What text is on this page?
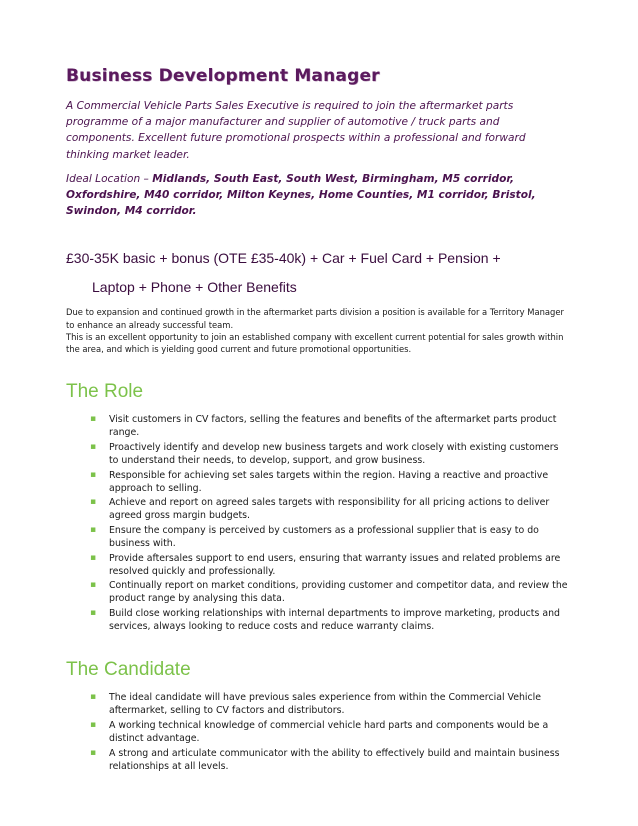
Business Development Manager

A Commercial Vehicle Parts Sales Executive is required to join the aftermarket parts programme of a major manufacturer and supplier of automotive / truck parts and components. Excellent future promotional prospects within a professional and forward thinking market leader.

Ideal Location – Midlands, South East, South West, Birmingham, M5 corridor, Oxfordshire, M40 corridor, Milton Keynes, Home Counties, M1 corridor, Bristol, Swindon, M4 corridor.

£30-35K basic + bonus (OTE £35-40k) + Car + Fuel Card + Pension +
Laptop + Phone + Other Benefits

Due to expansion and continued growth in the aftermarket parts division a position is available for a Territory Manager to enhance an already successful team.

This is an excellent opportunity to join an established company with excellent current potential for sales growth within the area, and which is yielding good current and future promotional opportunities.

The Role
▪ Visit customers in CV factors, selling the features and benefits of the aftermarket parts product range.
▪ Proactively identify and develop new business targets and work closely with existing customers to understand their needs, to develop, support, and grow business.
▪ Responsible for achieving set sales targets within the region. Having a reactive and proactive approach to selling.
▪ Achieve and report on agreed sales targets with responsibility for all pricing actions to deliver agreed gross margin budgets.
▪ Ensure the company is perceived by customers as a professional supplier that is easy to do business with.
▪ Provide aftersales support to end users, ensuring that warranty issues and related problems are resolved quickly and professionally.
▪ Continually report on market conditions, providing customer and competitor data, and review the product range by analysing this data.
▪ Build close working relationships with internal departments to improve marketing, products and services, always looking to reduce costs and reduce warranty claims.
The Candidate
▪ The ideal candidate will have previous sales experience from within the Commercial Vehicle aftermarket, selling to CV factors and distributors.
▪ A working technical knowledge of commercial vehicle hard parts and components would be a distinct advantage.
▪ A strong and articulate communicator with the ability to effectively build and maintain business relationships at all levels.
